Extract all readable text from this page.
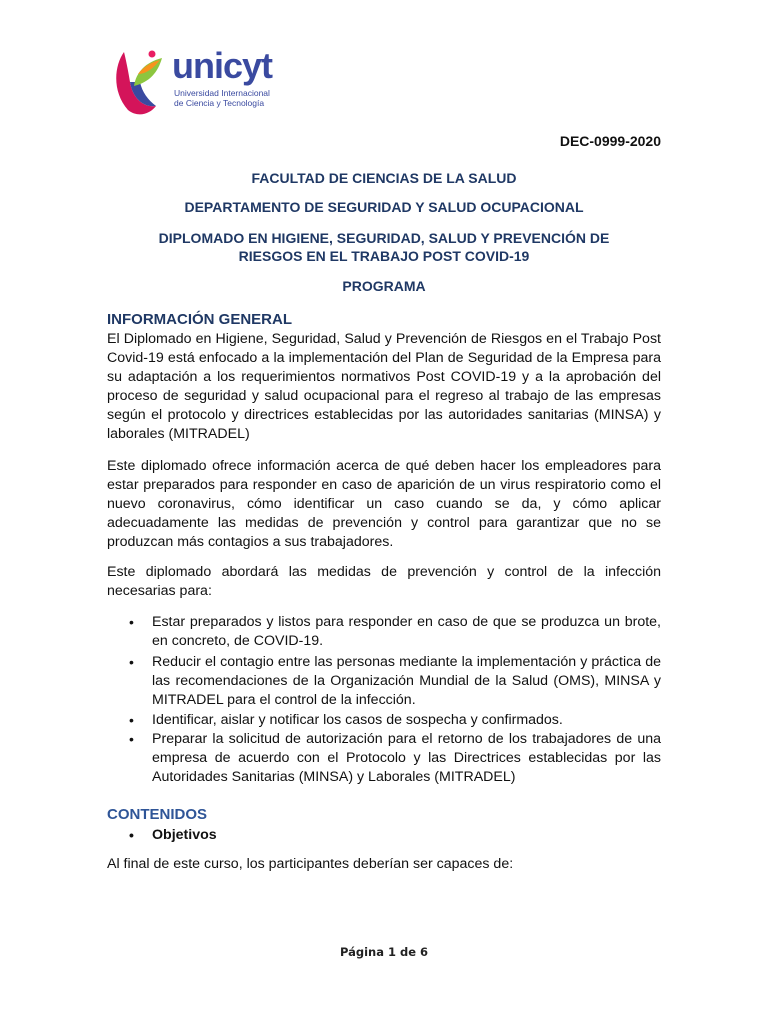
unicyt
Universidad Internacional
de Ciencia y Tecnología
DEC-0999-2020
FACULTAD DE CIENCIAS DE LA SALUD
DEPARTAMENTO DE SEGURIDAD Y SALUD OCUPACIONAL
DIPLOMADO EN HIGIENE, SEGURIDAD, SALUD Y PREVENCIÓN DE
RIESGOS EN EL TRABAJO POST COVID-19
PROGRAMA
INFORMACIÓN GENERAL

El Diplomado en Higiene, Seguridad, Salud y Prevención de Riesgos en el Trabajo Post Covid-19 está enfocado a la implementación del Plan de Seguridad de la Empresa para su adaptación a los requerimientos normativos Post COVID-19 y a la aprobación del proceso de seguridad y salud ocupacional para el regreso al trabajo de las empresas según el protocolo y directrices establecidas por las autoridades sanitarias (MINSA) y laborales (MITRADEL)

Este diplomado ofrece información acerca de qué deben hacer los empleadores para estar preparados para responder en caso de aparición de un virus respiratorio como el nuevo coronavirus, cómo identificar un caso cuando se da, y cómo aplicar adecuadamente las medidas de prevención y control para garantizar que no se produzcan más contagios a sus trabajadores.

Este diplomado abordará las medidas de prevención y control de la infección necesarias para:

• Estar preparados y listos para responder en caso de que se produzca un brote, en concreto, de COVID-19.
• Reducir el contagio entre las personas mediante la implementación y práctica de las recomendaciones de la Organización Mundial de la Salud (OMS), MINSA y MITRADEL para el control de la infección.
• Identificar, aislar y notificar los casos de sospecha y confirmados.
• Preparar la solicitud de autorización para el retorno de los trabajadores de una empresa de acuerdo con el Protocolo y las Directrices establecidas por las Autoridades Sanitarias (MINSA) y Laborales (MITRADEL)
CONTENIDOS
• Objetivos

Al final de este curso, los participantes deberían ser capaces de:

Página 1 de 6
